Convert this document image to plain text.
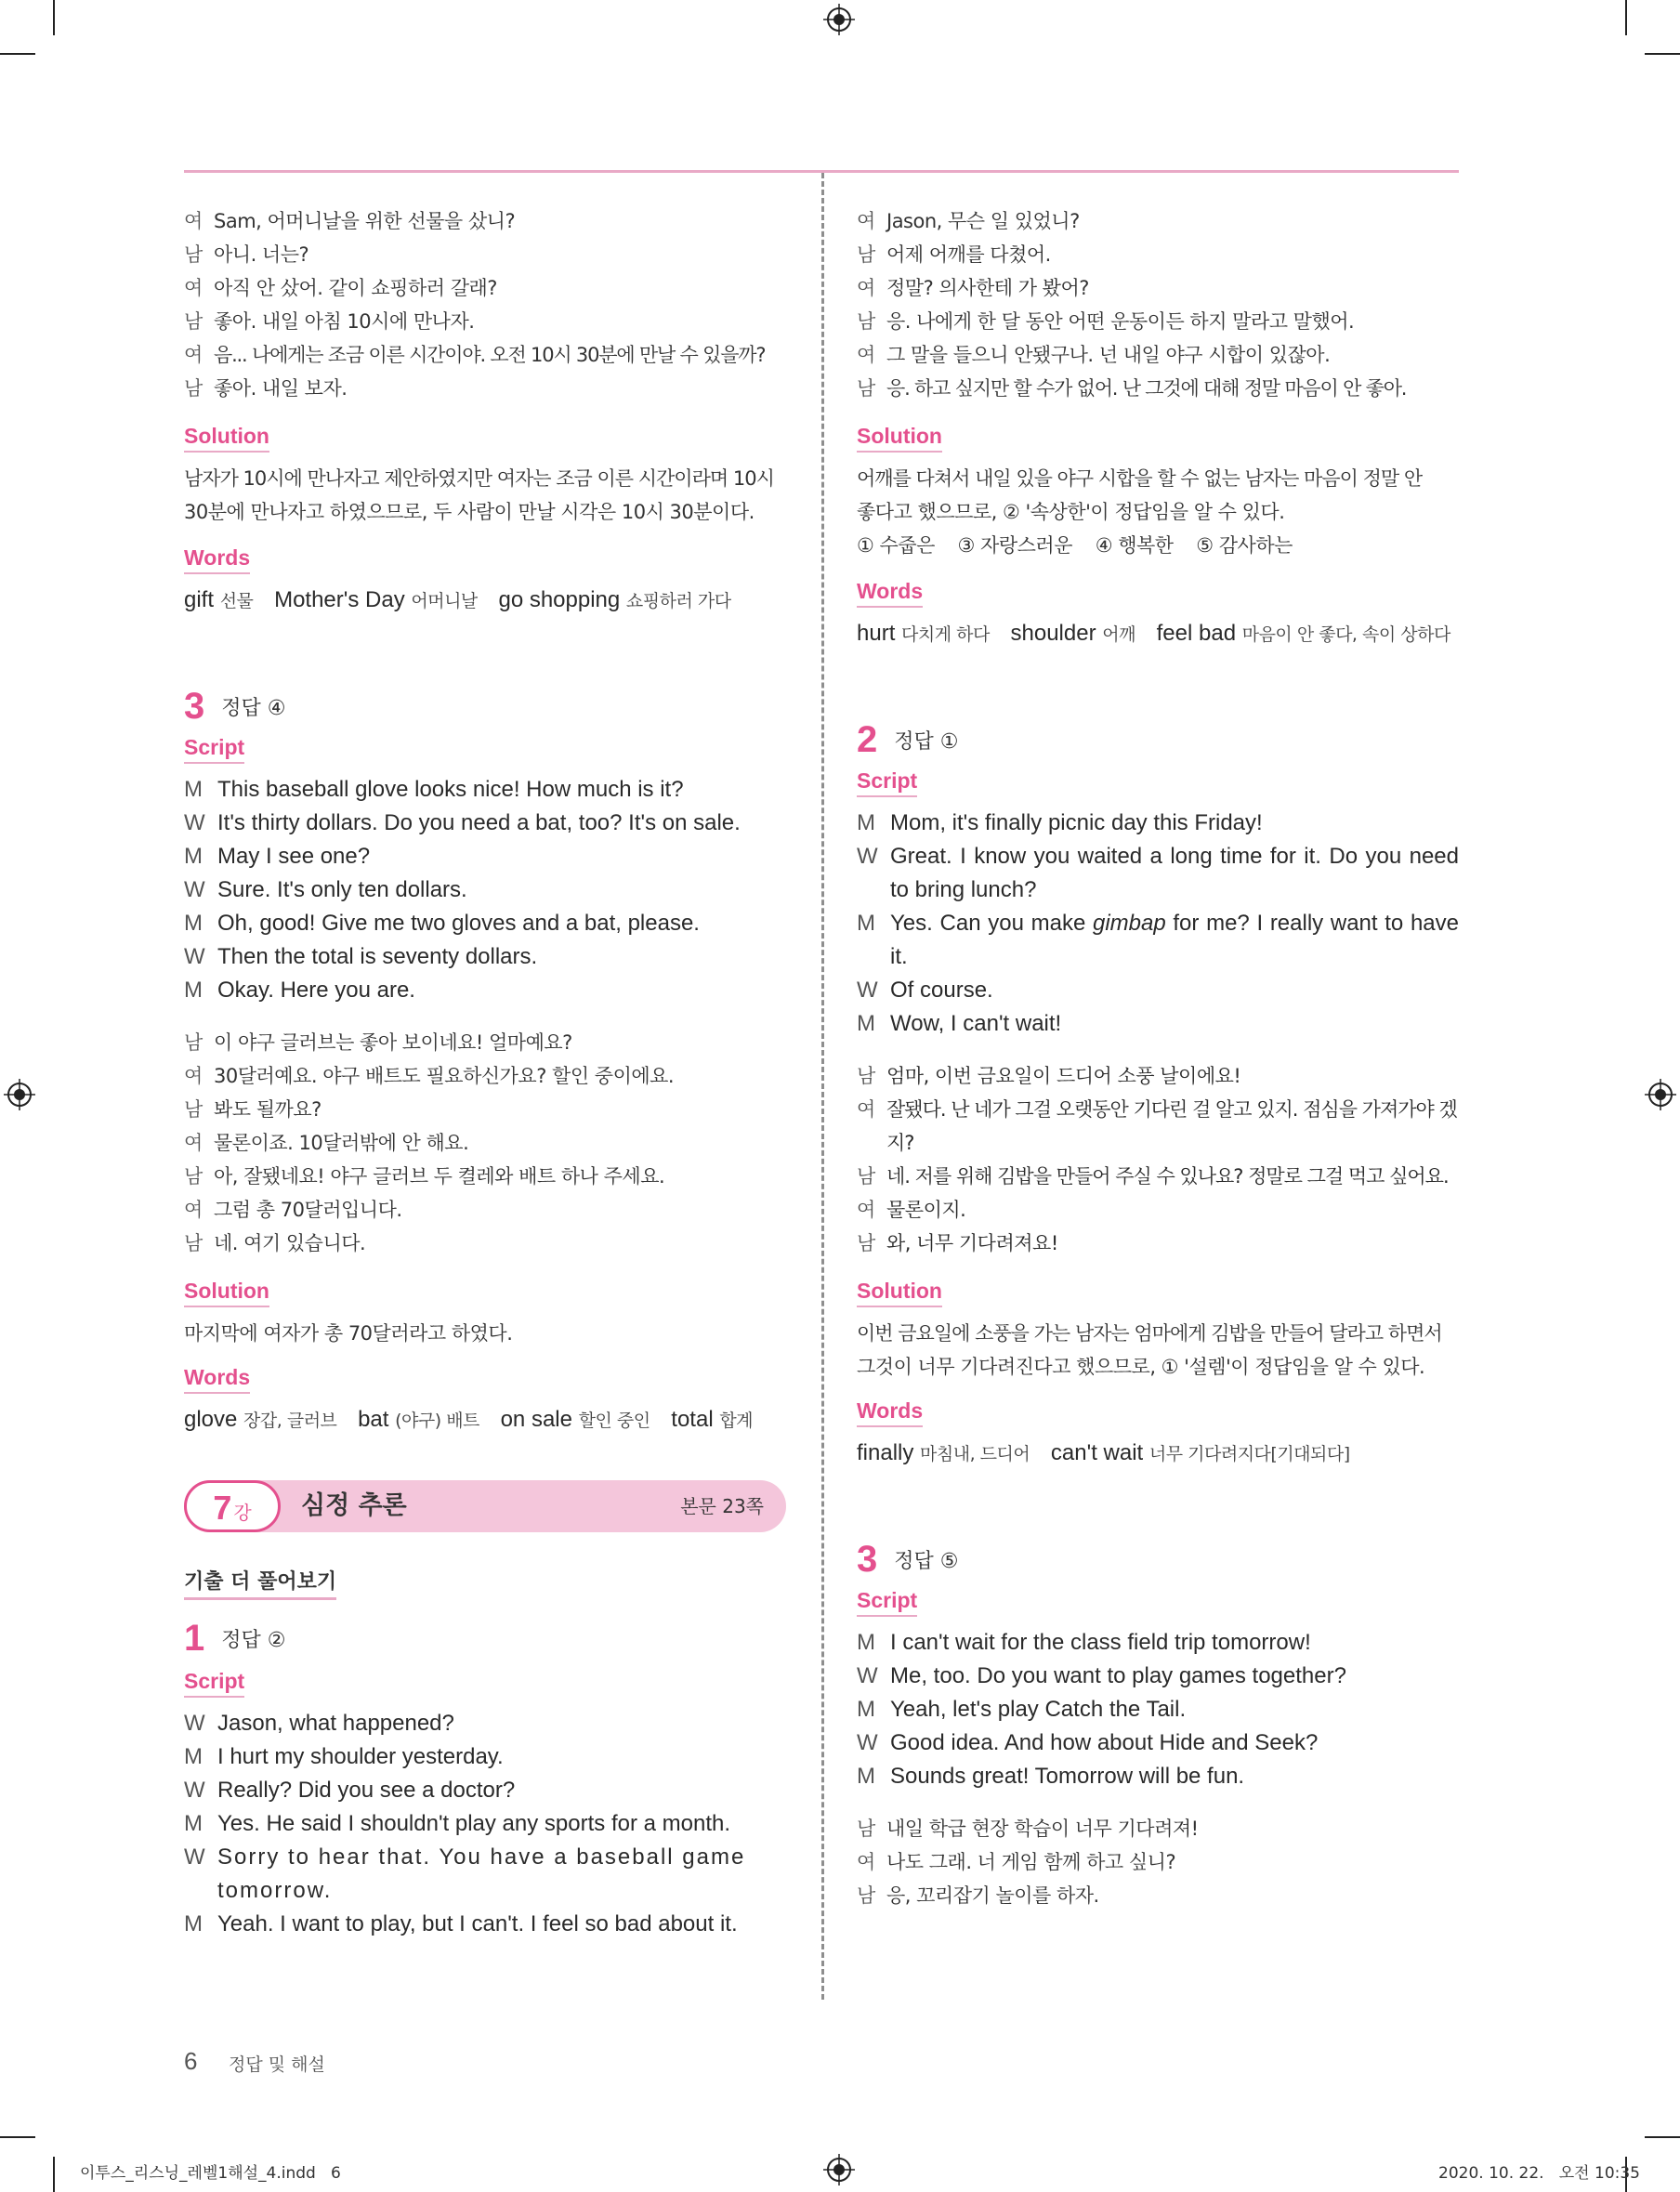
여 Sam, 어머니날을 위한 선물을 샀니?
남 아니. 너는?
여 아직 안 샀어. 같이 쇼핑하러 갈래?
남 좋아. 내일 아침 10시에 만나자.
여 음... 나에게는 조금 이른 시간이야. 오전 10시 30분에 만날 수 있을까?
남 좋아. 내일 보자.
Solution
남자가 10시에 만나자고 제안하였지만 여자는 조금 이른 시간이라며 10시
30분에 만나자고 하였으므로, 두 사람이 만날 시각은 10시 30분이다.
Words
gift 선물 Mother's Day 어머니날 go shopping 쇼핑하러 가다
3 정답 ④
Script
M This baseball glove looks nice! How much is it?
W It's thirty dollars. Do you need a bat, too? It's on sale.
M May I see one?
W Sure. It's only ten dollars.
M Oh, good! Give me two gloves and a bat, please.
W Then the total is seventy dollars.
M Okay. Here you are.
남 이 야구 글러브는 좋아 보이네요! 얼마예요?
여 30달러예요. 야구 배트도 필요하신가요? 할인 중이에요.
남 봐도 될까요?
여 물론이죠. 10달러밖에 안 해요.
남 아, 잘됐네요! 야구 글러브 두 켤레와 배트 하나 주세요.
여 그럼 총 70달러입니다.
남 네. 여기 있습니다.
Solution
마지막에 여자가 총 70달러라고 하였다.
Words
glove 장갑, 글러브 bat (야구) 배트 on sale 할인 중인 total 합계
7 강 심정 추론	본문 23쪽
기출 더 풀어보기
1 정답 ②
Script
W Jason, what happened?
M I hurt my shoulder yesterday.
W Really? Did you see a doctor?
M Yes. He said I shouldn't play any sports for a month.
W Sorry to hear that. You have a baseball game tomorrow.
M Yeah. I want to play, but I can't. I feel so bad about it.
여 Jason, 무슨 일 있었니?
남 어제 어깨를 다쳤어.
여 정말? 의사한테 가 봤어?
남 응. 나에게 한 달 동안 어떤 운동이든 하지 말라고 말했어.
여 그 말을 들으니 안됐구나. 넌 내일 야구 시합이 있잖아.
남 응. 하고 싶지만 할 수가 없어. 난 그것에 대해 정말 마음이 안 좋아.
Solution
어깨를 다쳐서 내일 있을 야구 시합을 할 수 없는 남자는 마음이 정말 안
좋다고 했으므로, ② '속상한'이 정답임을 알 수 있다.
① 수줍은    ③ 자랑스러운    ④ 행복한    ⑤ 감사하는
Words
hurt 다치게 하다 shoulder 어깨 feel bad 마음이 안 좋다, 속이 상하다
2 정답 ①
Script
M Mom, it's finally picnic day this Friday!
W Great. I know you waited a long time for it. Do you need to bring lunch?
M Yes. Can you make gimbap for me? I really want to have it.
W Of course.
M Wow, I can't wait!
남 엄마, 이번 금요일이 드디어 소풍 날이에요!
여 잘됐다. 난 네가 그걸 오랫동안 기다린 걸 알고 있지. 점심을 가져가야 겠지?
남 네. 저를 위해 김밥을 만들어 주실 수 있나요? 정말로 그걸 먹고 싶어요.
여 물론이지.
남 와, 너무 기다려져요!
Solution
이번 금요일에 소풍을 가는 남자는 엄마에게 김밥을 만들어 달라고 하면서
그것이 너무 기다려진다고 했으므로, ① '설렘'이 정답임을 알 수 있다.
Words
finally 마침내, 드디어 can't wait 너무 기다려지다[기대되다]
3 정답 ⑤
Script
M I can't wait for the class field trip tomorrow!
W Me, too. Do you want to play games together?
M Yeah, let's play Catch the Tail.
W Good idea. And how about Hide and Seek?
M Sounds great! Tomorrow will be fun.
남 내일 학급 현장 학습이 너무 기다려져!
여 나도 그래. 너 게임 함께 하고 싶니?
남 응, 꼬리잡기 놀이를 하자.
6 정답 및 해설
이투스_리스닝_레벨1해설_4.indd   6	2020. 10. 22.   오전 10:35
